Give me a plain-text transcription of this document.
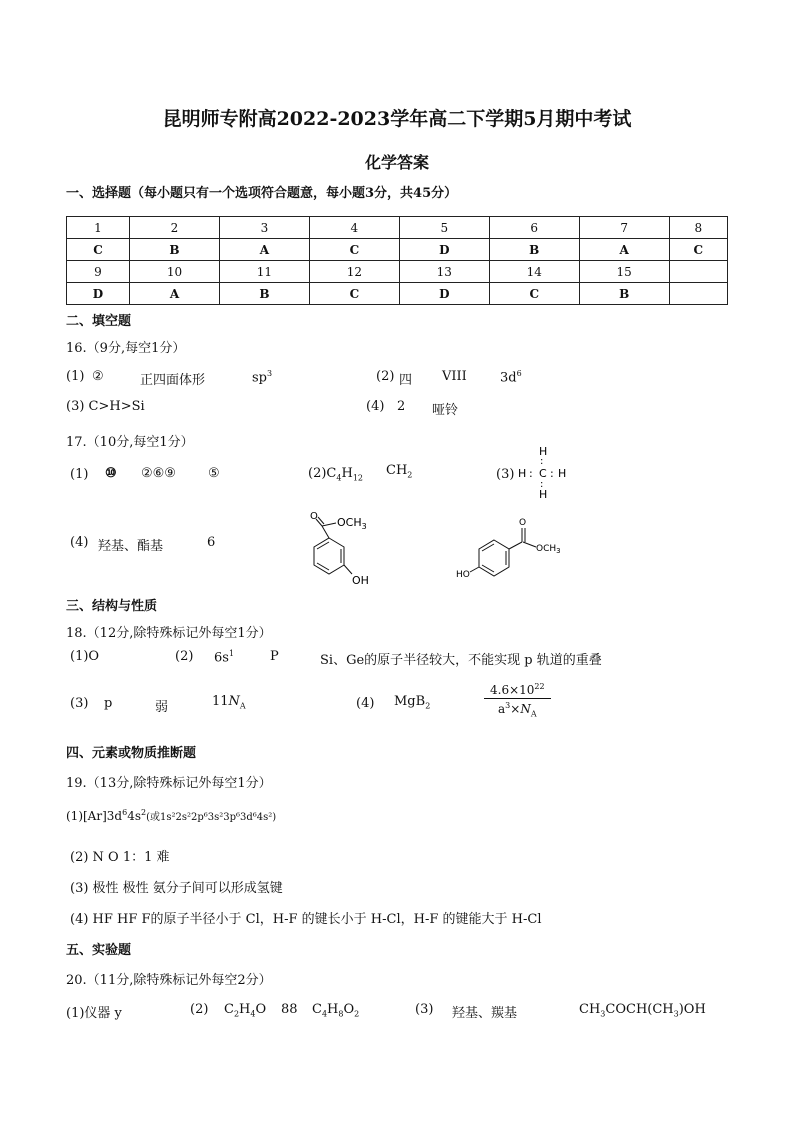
昆明师专附高2022-2023学年高二下学期5月期中考试
化学答案
一、选择题（每小题只有一个选项符合题意，每小题3分，共45分）
1	2	3	4	5	6	7	8
C	B	A	C	D	B	A	C
9	10	11	12	13	14	15	
D	A	B	C	D	C	B	
二、填空题
16.（9分,每空1分）
(1) ②	正四面体形	$sp^3$	(2) 四 VIII	$3d^6$
(3) C>H>Si	(4) 2 哑铃
17.（10分,每空1分）
(1) ⑩ ②⑥⑨ ⑤	$(2)C_4H_{12}$
$CH_2$	(3)
H
:
H : C : H
:
H
(4) 羟基、酯基	6
O $OCH_3$
OH
O
$OCH_3$
HO
三、结构与性质
18.（12分,除特殊标记外每空1分）
(1)O	(2) $6s^1$	P	Si、Ge的原子半径较大，不能实现 p 轨道的重叠
(3) p	弱	$11N_A$	(4) MgB$_2$	$\frac{4.6\times 10^{22}}{a^3\times N_A}$
四、元素或物质推断题
19.（13分,除特殊标记外每空1分）
$(1)[Ar]3d^64s^2$(或1s²2s²2p⁶3s²3p⁶3d⁶4s²)
(2) N O 1：1 难
(3) 极性 极性 氨分子间可以形成氢键
(4) HF HF F的原子半径小于 Cl，H-F 的键长小于 H-Cl，H-F 的键能大于 H-Cl
五、实验题
20.（11分,除特殊标记外每空2分）
(1)仪器 y	(2) $C_2H_4O$ 88 $C_4H_8O_2$	(3) 羟基、羰基	$CH_3COCH(CH_3)OH$
